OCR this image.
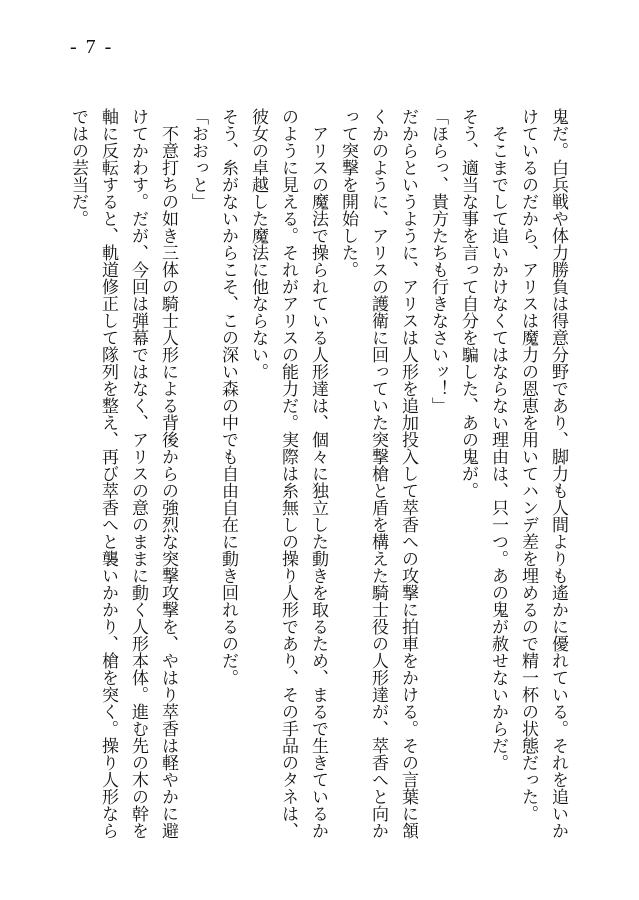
- 7 -

鬼だ。白兵戦や体力勝負は得意分野であり、脚力も人間よりも遙かに優れている。それを追いかけているのだから、アリスは魔力の恩恵を用いてハンデ差を埋めるので精一杯の状態だった。

そこまでして追いかけなくてはならない理由は、只一つ。あの鬼が赦せないからだ。

そう、適当な事を言って自分を騙した、あの鬼が。

「ほらっ、貴方たちも行きなさいッ！」

だからというように、アリスは人形を追加投入して萃香への攻撃に拍車をかける。その言葉に頷くかのように、アリスの護衛に回っていた突撃槍と盾を構えた騎士役の人形達が、萃香へと向かって突撃を開始した。

アリスの魔法で操られている人形達は、個々に独立した動きを取るため、まるで生きているかのように見える。それがアリスの能力だ。実際は糸無しの操り人形であり、その手品のタネは、彼女の卓越した魔法に他ならない。

そう、糸がないからこそ、この深い森の中でも自由自在に動き回れるのだ。

「おおっと」

不意打ちの如き三体の騎士人形による背後からの強烈な突撃攻撃を、やはり萃香は軽やかに避けてかわす。だが、今回は弾幕ではなく、アリスの意のままに動く人形本体。進む先の木の幹を軸に反転すると、軌道修正して隊列を整え、再び萃香へと襲いかかり、槍を突く。操り人形ならではの芸当だ。
